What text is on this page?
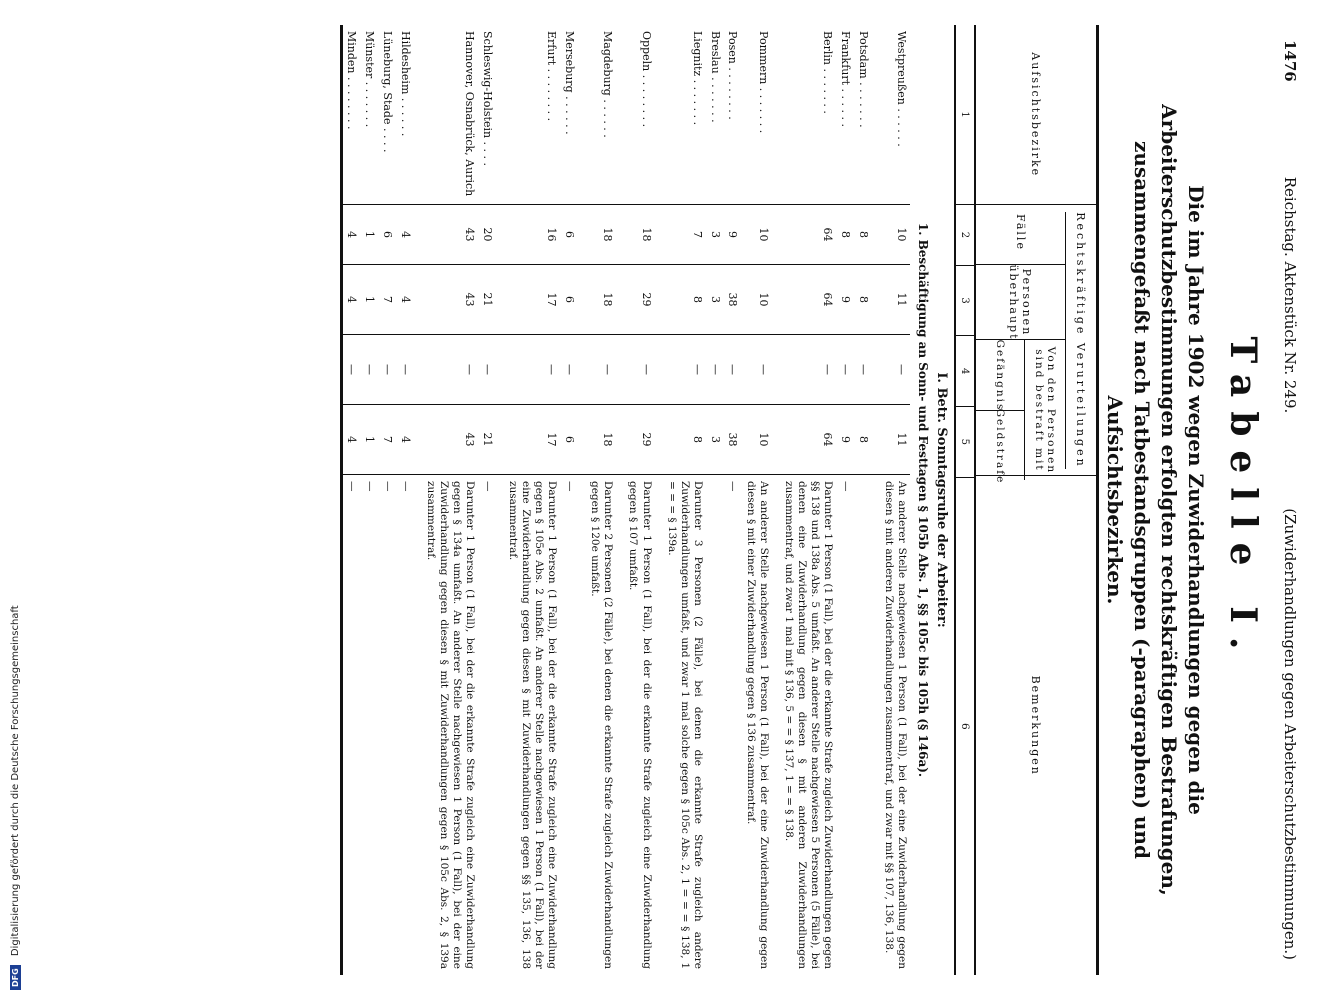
1476
Reichstag. Aktenstück Nr. 249.
(Zuwiderhandlungen gegen Arbeiterschutzbestimmungen.)
Tabelle I.
Die im Jahre 1902 wegen Zuwiderhandlungen gegen die Arbeiterschutzbestimmungen erfolgten rechtskräftigen Bestrafungen, zusammengefaßt nach Tatbestandsgruppen (-paragraphen) und Aufsichtsbezirken.
Aufsichtsbezirke
Rechtskräftige Verurteilungen
Fälle
Personen überhaupt
Von den Personen sind bestraft mit
Gefängnis
Geldstrafe
Bemerkungen
1
2
3
4
5
6
I. Betr. Sonntagsruhe der Arbeiter:
1. Beschäftigung an Sonn- und Festtagen § 105b Abs. 1, §§ 105c bis 105h (§ 146a).
Westpreußen . . . . . .
10
11
—
11
An anderer Stelle nachgewiesen 1 Person (1 Fall), bei der eine Zuwiderhandlung gegen diesen § mit anderen Zuwiderhandlungen zusammentraf, und zwar mit §§ 107, 136, 138.
Potsdam . . . . . . .
8
8
—
8
Frankfurt . . . . . .
8
9
—
9
—
Berlin . . . . . . .
64
64
—
64
Darunter 1 Person (1 Fall), bei der die erkannte Strafe zugleich Zuwiderhandlungen gegen §§ 138 und 138a Abs. 5 umfaßt. An anderer Stelle nachgewiesen 5 Personen (5 Fälle), bei denen eine Zuwiderhandlung gegen diesen § mit anderen Zuwiderhandlungen zusammentraf, und zwar 1 mal mit § 136, 5 = = § 137, 1 = = § 138.
Pommern . . . . . . .
10
10
—
10
An anderer Stelle nachgewiesen 1 Person (1 Fall), bei der eine Zuwiderhandlung gegen diesen § mit einer Zuwiderhandlung gegen § 136 zusammentraf.
Posen . . . . . . . .
9
38
—
38
—
Breslau . . . . . . .
3
3
—
3
Liegnitz . . . . . . .
7
8
—
8
Darunter 3 Personen (2 Fälle), bei denen die erkannte Strafe zugleich andere Zuwiderhandlungen umfaßt, und zwar 1 mal solche gegen § 105c Abs. 2, 1 = = = § 138, 1 = = = § 139a.
Oppeln . . . . . . . .
18
29
—
29
Darunter 1 Person (1 Fall), bei der die erkannte Strafe zugleich eine Zuwiderhandlung gegen § 107 umfaßt.
Magdeburg . . . . . .
18
18
—
18
Darunter 2 Personen (2 Fälle), bei denen die erkannte Strafe zugleich Zuwiderhandlungen gegen § 120e umfaßt.
Merseburg . . . . . .
6
6
—
6
—
Erfurt . . . . . . . .
16
17
—
17
Darunter 1 Person (1 Fall), bei der die erkannte Strafe zugleich eine Zuwiderhandlung gegen § 105e Abs. 2 umfaßt. An anderer Stelle nachgewiesen 1 Person (1 Fall), bei der eine Zuwiderhandlung gegen diesen § mit Zuwiderhandlungen gegen §§ 135, 136, 138 zusammentraf.
Schleswig-Holstein . . . .
20
21
—
21
—
Hannover, Osnabrück, Aurich
43
43
—
43
Darunter 1 Person (1 Fall), bei der die erkannte Strafe zugleich eine Zuwiderhandlung gegen § 134a umfaßt. An anderer Stelle nachgewiesen 1 Person (1 Fall), bei der eine Zuwiderhandlung gegen diesen § mit Zuwiderhandlungen gegen § 105c Abs. 2, § 139a zusammentraf.
Hildesheim . . . . . .
4
4
—
4
—
Lüneburg, Stade . . . .
6
7
—
7
—
Münster . . . . . . .
1
1
—
1
—
Minden . . . . . . . .
4
4
—
4
—
DFG Digitalisierung gefördert durch die Deutsche Forschungsgemeinschaft
